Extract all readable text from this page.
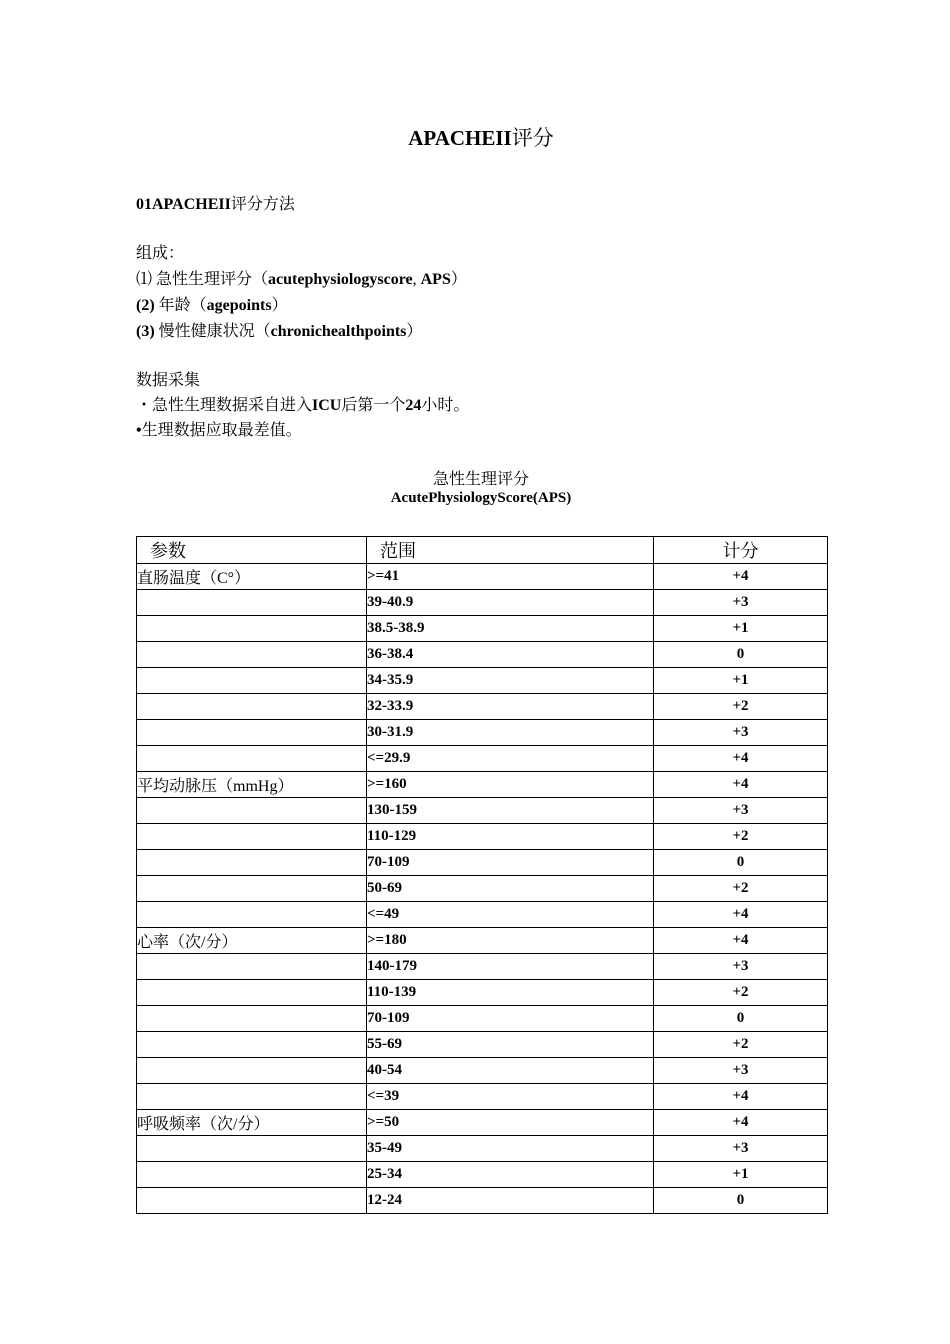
APACHEII评分
01APACHEII评分方法
组成：
⑴ 急性生理评分（acutephysiologyscore, APS）
(2) 年龄（agepoints）
(3) 慢性健康状况（chronichealthpoints）
数据采集
・急性生理数据采自进入ICU后第一个24小时。
•生理数据应取最差值。
急性生理评分
AcutePhysiologyScore(APS)
参数	范围	计分
直肠温度（C°）	>=41	+4
	39-40.9	+3
	38.5-38.9	+1
	36-38.4	0
	34-35.9	+1
	32-33.9	+2
	30-31.9	+3
	<=29.9	+4
平均动脉压（mmHg）	>=160	+4
	130-159	+3
	110-129	+2
	70-109	0
	50-69	+2
	<=49	+4
心率（次/分）	>=180	+4
	140-179	+3
	110-139	+2
	70-109	0
	55-69	+2
	40-54	+3
	<=39	+4
呼吸频率（次/分）	>=50	+4
	35-49	+3
	25-34	+1
	12-24	0
